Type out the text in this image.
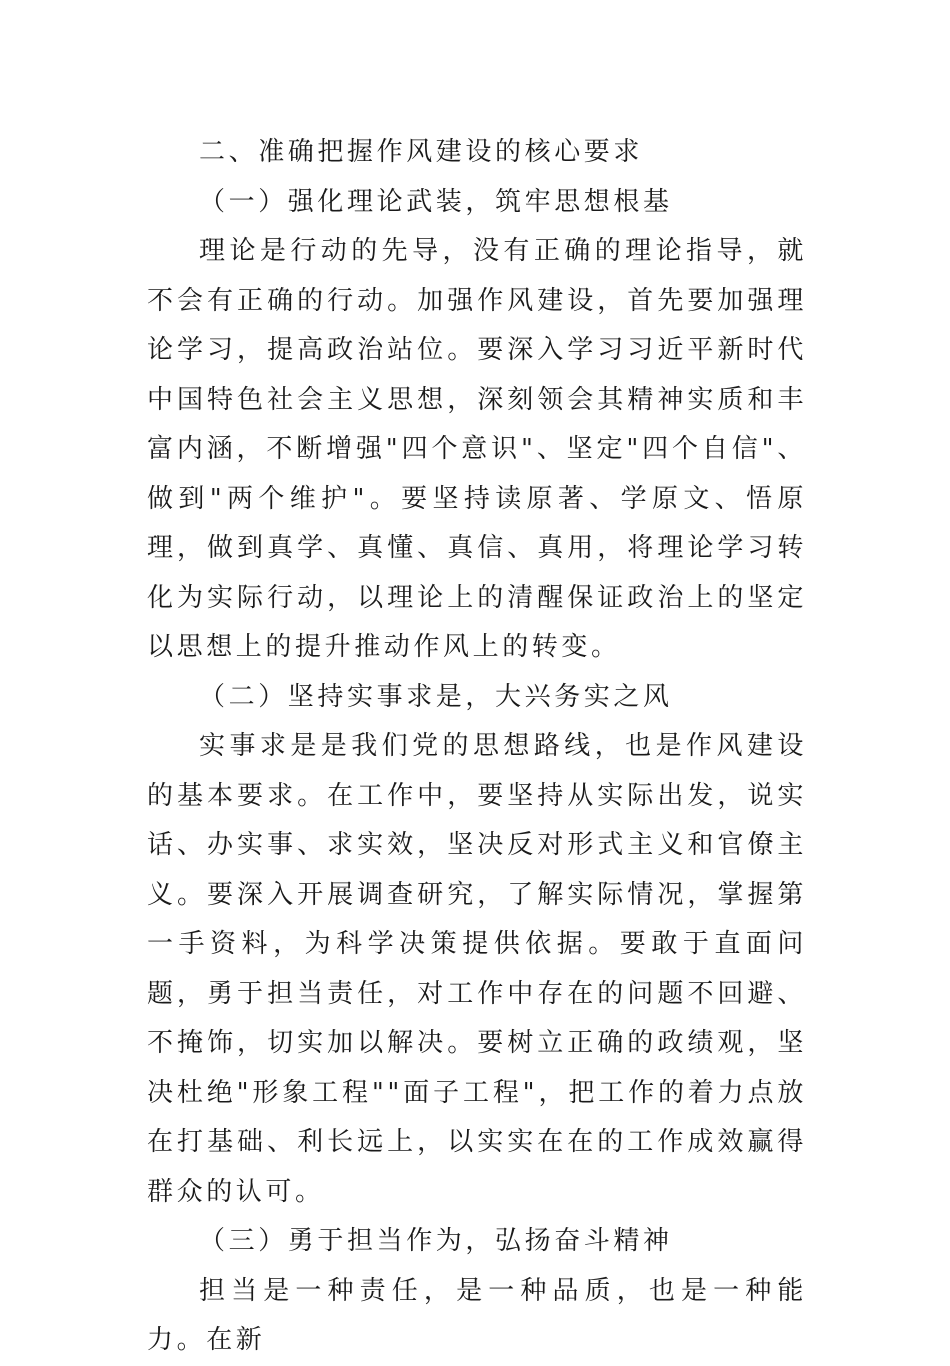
二、准确把握作风建设的核心要求

（一）强化理论武装，筑牢思想根基

理论是行动的先导，没有正确的理论指导，就不会有正确的行动。加强作风建设，首先要加强理论学习，提高政治站位。要深入学习习近平新时代中国特色社会主义思想，深刻领会其精神实质和丰富内涵，不断增强"四个意识"、坚定"四个自信"、做到"两个维护"。要坚持读原著、学原文、悟原理，做到真学、真懂、真信、真用，将理论学习转化为实际行动，以理论上的清醒保证政治上的坚定以思想上的提升推动作风上的转变。

（二）坚持实事求是，大兴务实之风

实事求是是我们党的思想路线，也是作风建设的基本要求。在工作中，要坚持从实际出发，说实话、办实事、求实效，坚决反对形式主义和官僚主义。要深入开展调查研究，了解实际情况，掌握第一手资料，为科学决策提供依据。要敢于直面问题，勇于担当责任，对工作中存在的问题不回避、不掩饰，切实加以解决。要树立正确的政绩观，坚决杜绝"形象工程""面子工程"，把工作的着力点放在打基础、利长远上，以实实在在的工作成效赢得群众的认可。

（三）勇于担当作为，弘扬奋斗精神

担当是一种责任，是一种品质，也是一种能力。在新
